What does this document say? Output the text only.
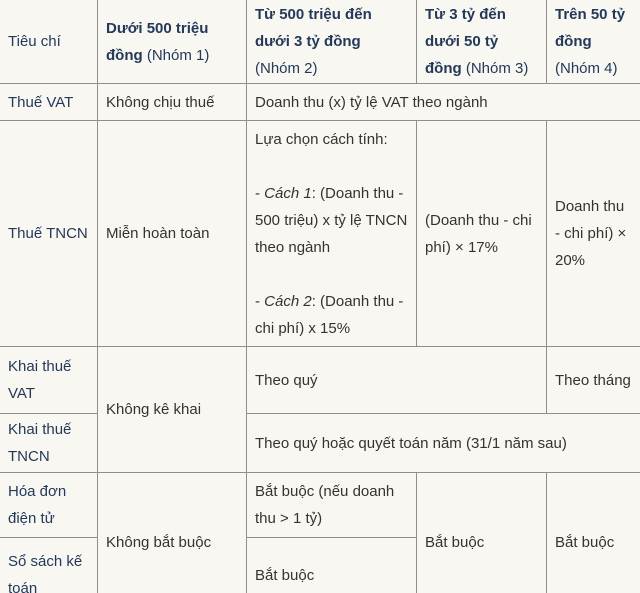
Tiêu chí	Dưới 500 triệu đồng (Nhóm 1)	Từ 500 triệu đến dưới 3 tỷ đồng (Nhóm 2)	Từ 3 tỷ đến dưới 50 tỷ đồng (Nhóm 3)	Trên 50 tỷ đồng (Nhóm 4)
Thuế VAT	Không chịu thuế	Doanh thu (x) tỷ lệ VAT theo ngành		
Thuế TNCN	Miễn hoàn toàn	Lựa chọn cách tính:

- Cách 1: (Doanh thu - 500 triệu) x tỷ lệ TNCN theo ngành

- Cách 2: (Doanh thu - chi phí) x 15%	(Doanh thu - chi phí) × 17%	Doanh thu - chi phí) × 20%
Khai thuế VAT	Không kê khai	Theo quý		Theo tháng
Khai thuế TNCN		Theo quý hoặc quyết toán năm (31/1 năm sau)		
Hóa đơn điện tử	Không bắt buộc	Bắt buộc (nếu doanh thu > 1 tỷ)	Bắt buộc	Bắt buộc
Sổ sách kế toán		Bắt buộc		
